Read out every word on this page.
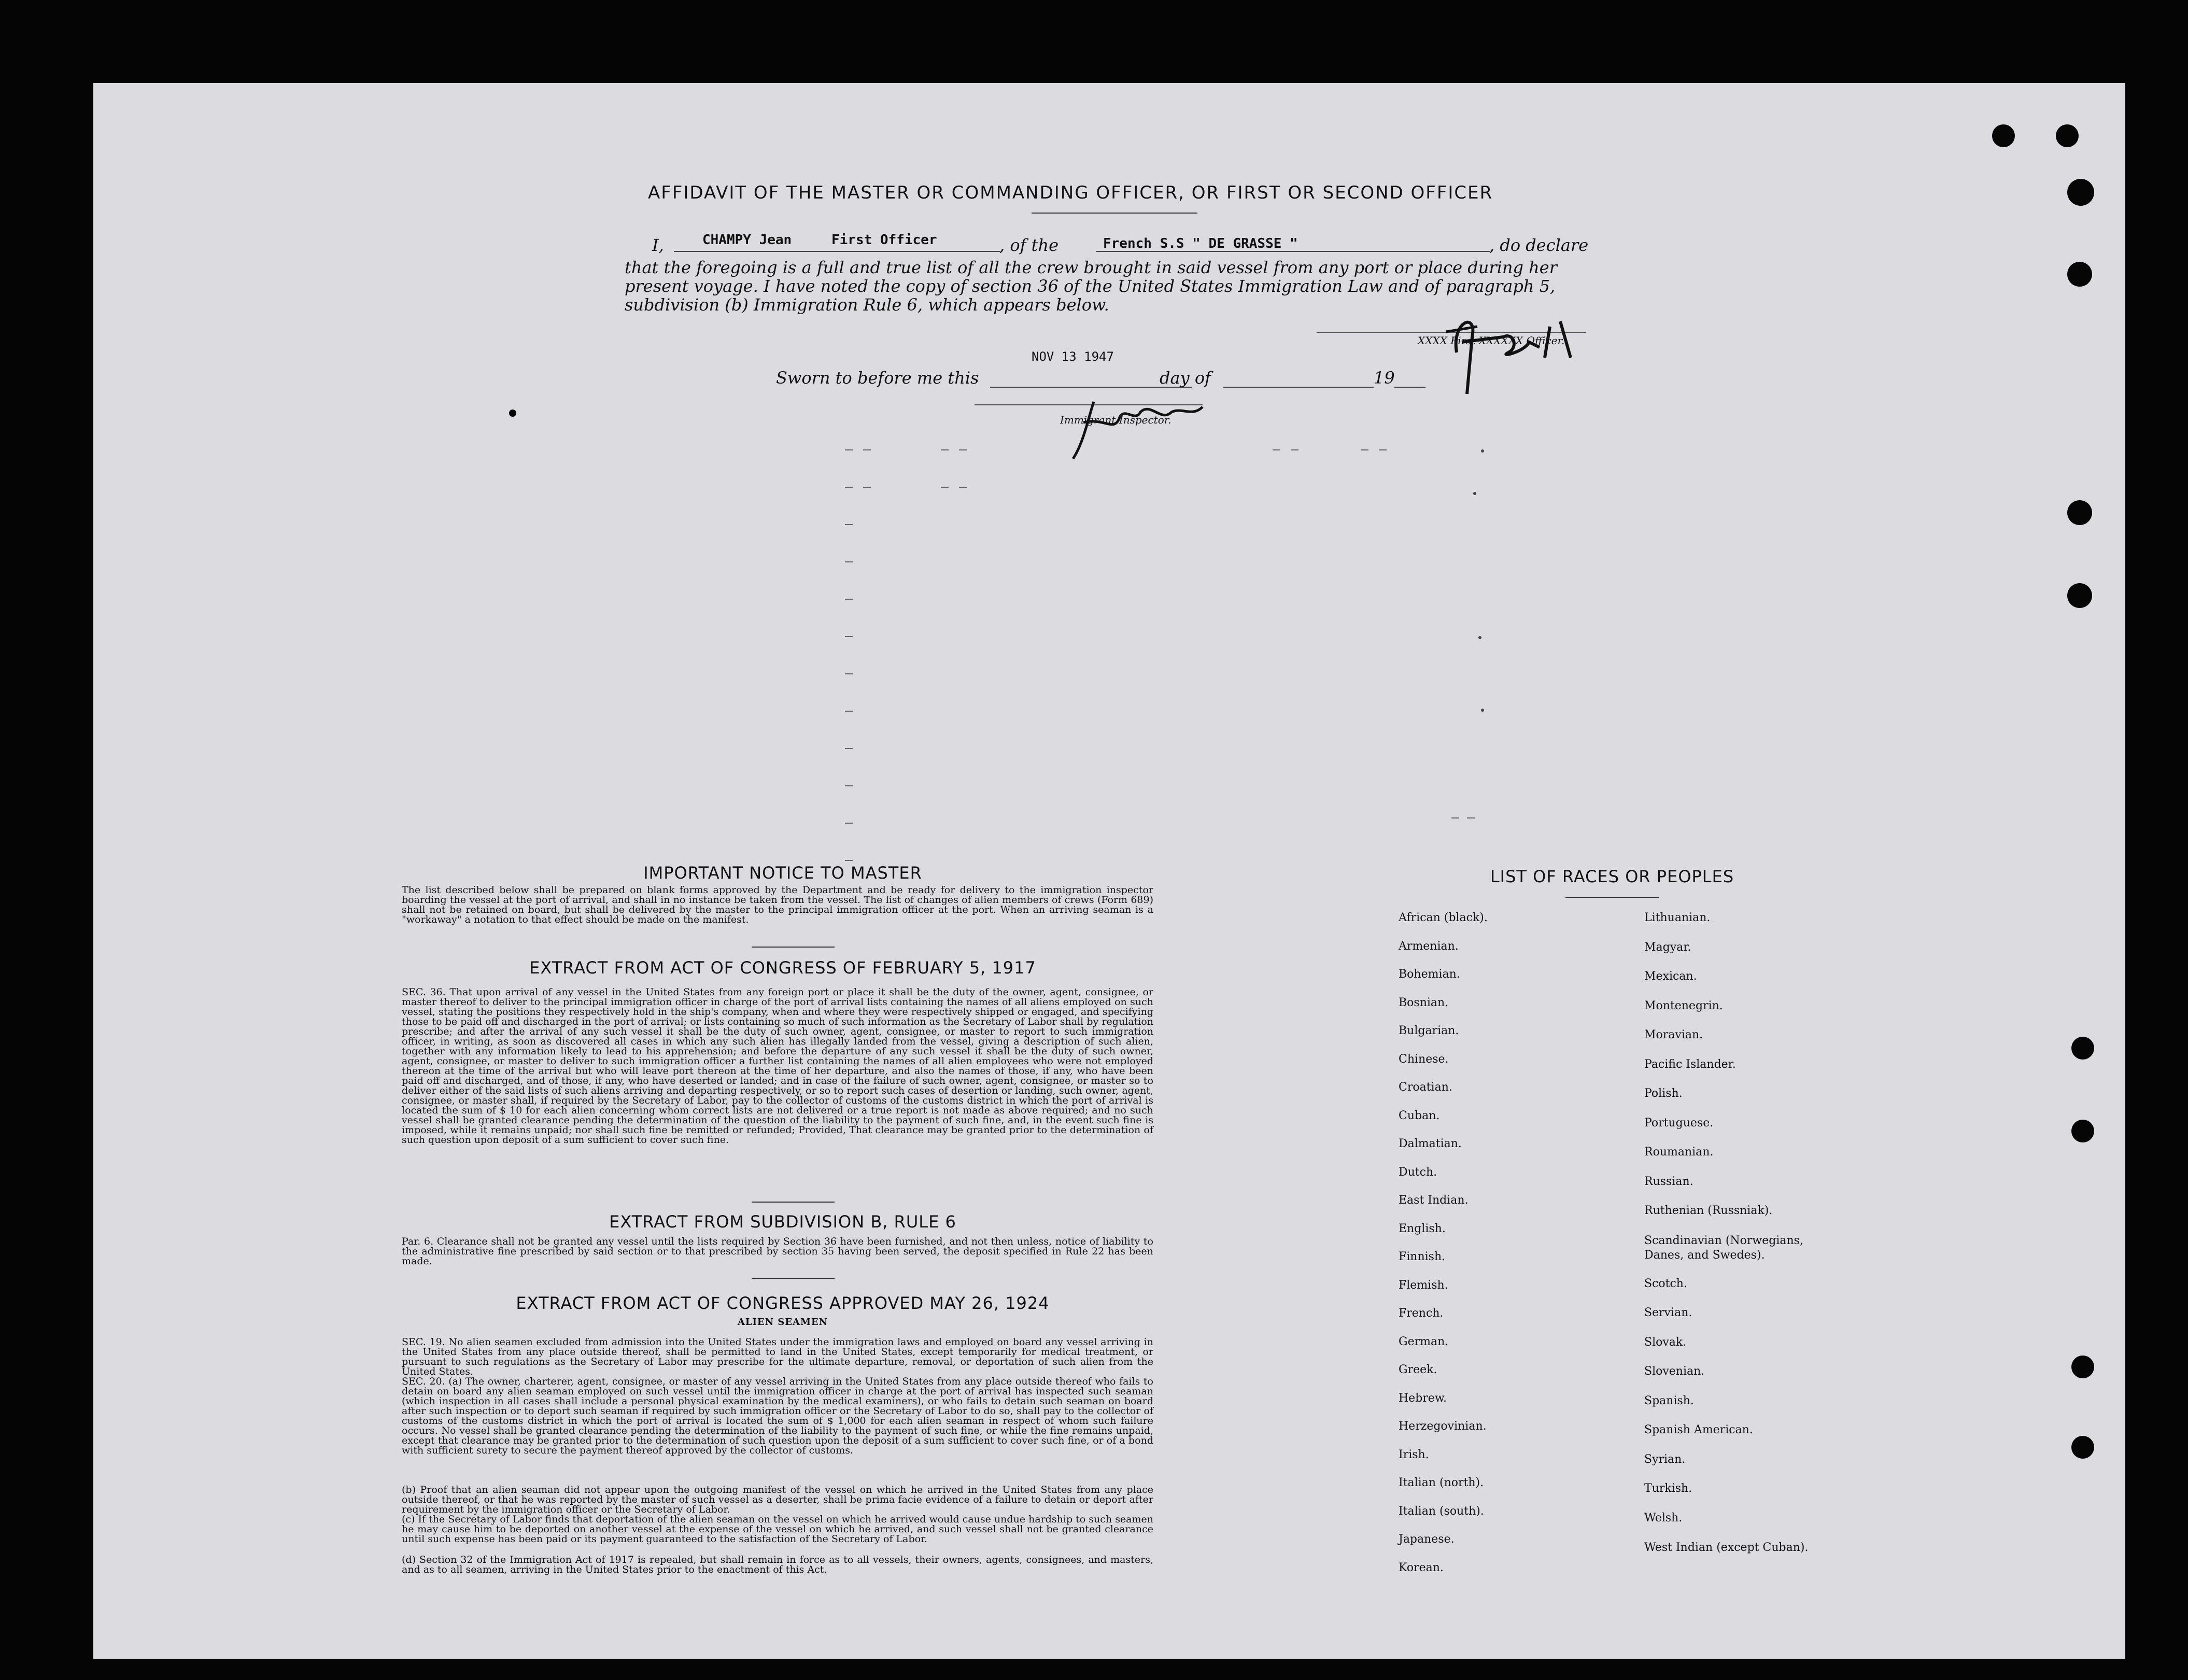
AFFIDAVIT OF THE MASTER OR COMMANDING OFFICER, OR FIRST OR SECOND OFFICER
I,	CHAMPY Jean	First Officer	, of the	French S.S " DE GRASSE "	, do declare
that the foregoing is a full and true list of all the crew brought in said vessel from any port or place during her
present voyage. I have noted the copy of section 36 of the United States Immigration Law and of paragraph 5,
subdivision (b) Immigration Rule 6, which appears below.
XXXX First XXXXXX Officer.
Sworn to before me this
NOV 13 1947
day of	19
Immigrant Inspector.
IMPORTANT NOTICE TO MASTER
The list described below shall be prepared on blank forms approved by the Department and be ready for delivery to the immigration inspector boarding the vessel at the port of arrival, and shall in no instance be taken from the vessel. The list of changes of alien members of crews (Form 689) shall not be retained on board, but shall be delivered by the master to the principal immigration officer at the port. When an arriving seaman is a "workaway" a notation to that effect should be made on the manifest.
EXTRACT FROM ACT OF CONGRESS OF FEBRUARY 5, 1917
SEC. 36. That upon arrival of any vessel in the United States from any foreign port or place it shall be the duty of the owner, agent, consignee, or master thereof to deliver to the principal immigration officer in charge of the port of arrival lists containing the names of all aliens employed on such vessel, stating the positions they respectively hold in the ship's company, when and where they were respectively shipped or engaged, and specifying those to be paid off and discharged in the port of arrival; or lists containing so much of such information as the Secretary of Labor shall by regulation prescribe; and after the arrival of any such vessel it shall be the duty of such owner, agent, consignee, or master to report to such immigration officer, in writing, as soon as discovered all cases in which any such alien has illegally landed from the vessel, giving a description of such alien, together with any information likely to lead to his apprehension; and before the departure of any such vessel it shall be the duty of such owner, agent, consignee, or master to deliver to such immigration officer a further list containing the names of all alien employees who were not employed thereon at the time of the arrival but who will leave port thereon at the time of her departure, and also the names of those, if any, who have been paid off and discharged, and of those, if any, who have deserted or landed; and in case of the failure of such owner, agent, consignee, or master so to deliver either of the said lists of such aliens arriving and departing respectively, or so to report such cases of desertion or landing, such owner, agent, consignee, or master shall, if required by the Secretary of Labor, pay to the collector of customs of the customs district in which the port of arrival is located the sum of $ 10 for each alien concerning whom correct lists are not delivered or a true report is not made as above required; and no such vessel shall be granted clearance pending the determination of the question of the liability to the payment of such fine, and, in the event such fine is imposed, while it remains unpaid; nor shall such fine be remitted or refunded; Provided, That clearance may be granted prior to the determination of such question upon deposit of a sum sufficient to cover such fine.
EXTRACT FROM SUBDIVISION B, RULE 6
Par. 6. Clearance shall not be granted any vessel until the lists required by Section 36 have been furnished, and not then unless, notice of liability to the administrative fine prescribed by said section or to that prescribed by section 35 having been served, the deposit specified in Rule 22 has been made.
EXTRACT FROM ACT OF CONGRESS APPROVED MAY 26, 1924
ALIEN SEAMEN
SEC. 19. No alien seamen excluded from admission into the United States under the immigration laws and employed on board any vessel arriving in the United States from any place outside thereof, shall be permitted to land in the United States, except temporarily for medical treatment, or pursuant to such regulations as the Secretary of Labor may prescribe for the ultimate departure, removal, or deportation of such alien from the United States.
SEC. 20. (a) The owner, charterer, agent, consignee, or master of any vessel arriving in the United States from any place outside thereof who fails to detain on board any alien seaman employed on such vessel until the immigration officer in charge at the port of arrival has inspected such seaman (which inspection in all cases shall include a personal physical examination by the medical examiners), or who fails to detain such seaman on board after such inspection or to deport such seaman if required by such immigration officer or the Secretary of Labor to do so, shall pay to the collector of customs of the customs district in which the port of arrival is located the sum of $ 1,000 for each alien seaman in respect of whom such failure occurs. No vessel shall be granted clearance pending the determination of the liability to the payment of such fine, or while the fine remains unpaid, except that clearance may be granted prior to the determination of such question upon the deposit of a sum sufficient to cover such fine, or of a bond with sufficient surety to secure the payment thereof approved by the collector of customs.
(b) Proof that an alien seaman did not appear upon the outgoing manifest of the vessel on which he arrived in the United States from any place outside thereof, or that he was reported by the master of such vessel as a deserter, shall be prima facie evidence of a failure to detain or deport after requirement by the immigration officer or the Secretary of Labor.
(c) If the Secretary of Labor finds that deportation of the alien seaman on the vessel on which he arrived would cause undue hardship to such seamen he may cause him to be deported on another vessel at the expense of the vessel on which he arrived, and such vessel shall not be granted clearance until such expense has been paid or its payment guaranteed to the satisfaction of the Secretary of Labor.
(d) Section 32 of the Immigration Act of 1917 is repealed, but shall remain in force as to all vessels, their owners, agents, consignees, and masters, and as to all seamen, arriving in the United States prior to the enactment of this Act.
LIST OF RACES OR PEOPLES
African (black).
Armenian.
Bohemian.
Bosnian.
Bulgarian.
Chinese.
Croatian.
Cuban.
Dalmatian.
Dutch.
East Indian.
English.
Finnish.
Flemish.
French.
German.
Greek.
Hebrew.
Herzegovinian.
Irish.
Italian (north).
Italian (south).
Japanese.
Korean.
Lithuanian.
Magyar.
Mexican.
Montenegrin.
Moravian.
Pacific Islander.
Polish.
Portuguese.
Roumanian.
Russian.
Ruthenian (Russniak).
Scandinavian (Norwegians, Danes, and Swedes).
Scotch.
Servian.
Slovak.
Slovenian.
Spanish.
Spanish American.
Syrian.
Turkish.
Welsh.
West Indian (except Cuban).
